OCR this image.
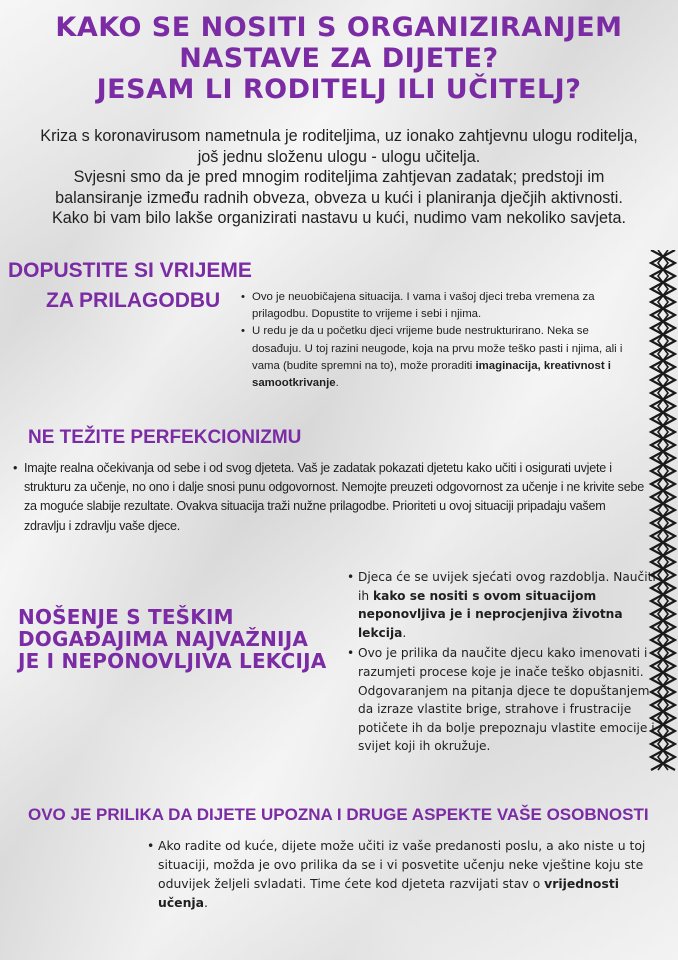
KAKO SE NOSITI S ORGANIZIRANJEM
NASTAVE ZA DIJETE?
JESAM LI RODITELJ ILI UČITELJ?
Kriza s koronavirusom nametnula je roditeljima, uz ionako zahtjevnu ulogu roditelja,
još jednu složenu ulogu - ulogu učitelja.
Svjesni smo da je pred mnogim roditeljima zahtjevan zadatak; predstoji im
balansiranje između radnih obveza, obveza u kući i planiranja dječjih aktivnosti.
Kako bi vam bilo lakše organizirati nastavu u kući, nudimo vam nekoliko savjeta.
DOPUSTITE SI VRIJEME
ZA PRILAGODBU
•	Ovo je neuobičajena situacija. I vama i vašoj djeci treba vremena za prilagodbu. Dopustite to vrijeme i sebi i njima.
• U redu je da u početku djeci vrijeme bude nestrukturirano. Neka se dosađuju. U toj razini neugode, koja na prvu može teško pasti i njima, ali i vama (budite spremni na to), može proraditi imaginacija, kreativnost i samootkrivanje.
NE TEŽITE PERFEKCIONIZMU
• Imajte realna očekivanja od sebe i od svog djeteta. Vaš je zadatak pokazati djetetu kako učiti i osigurati uvjete i strukturu za učenje, no ono i dalje snosi punu odgovornost. Nemojte preuzeti odgovornost za učenje i ne krivite sebe za moguće slabije rezultate. Ovakva situacija traži nužne prilagodbe. Prioriteti u ovoj situaciji pripadaju vašem zdravlju i zdravlju vaše djece.
NOŠENJE S TEŠKIM
DOGAĐAJIMA NAJVAŽNIJA
JE I NEPONOVLJIVA LEKCIJA
• Djeca će se uvijek sjećati ovog razdoblja. Naučiti ih kako se nositi s ovom situacijom neponovljiva je i neprocjenjiva životna lekcija.
• Ovo je prilika da naučite djecu kako imenovati i razumjeti procese koje je inače teško objasniti. Odgovaranjem na pitanja djece te dopuštanjem da izraze vlastite brige, strahove i frustracije potičete ih da bolje prepoznaju vlastite emocije i svijet koji ih okružuje.
OVO JE PRILIKA DA DIJETE UPOZNA I DRUGE ASPEKTE VAŠE OSOBNOSTI
• Ako radite od kuće, dijete može učiti iz vaše predanosti poslu, a ako niste u toj situaciji, možda je ovo prilika da se i vi posvetite učenju neke vještine koju ste oduvijek željeli svladati. Time ćete kod djeteta razvijati stav o vrijednosti učenja.
